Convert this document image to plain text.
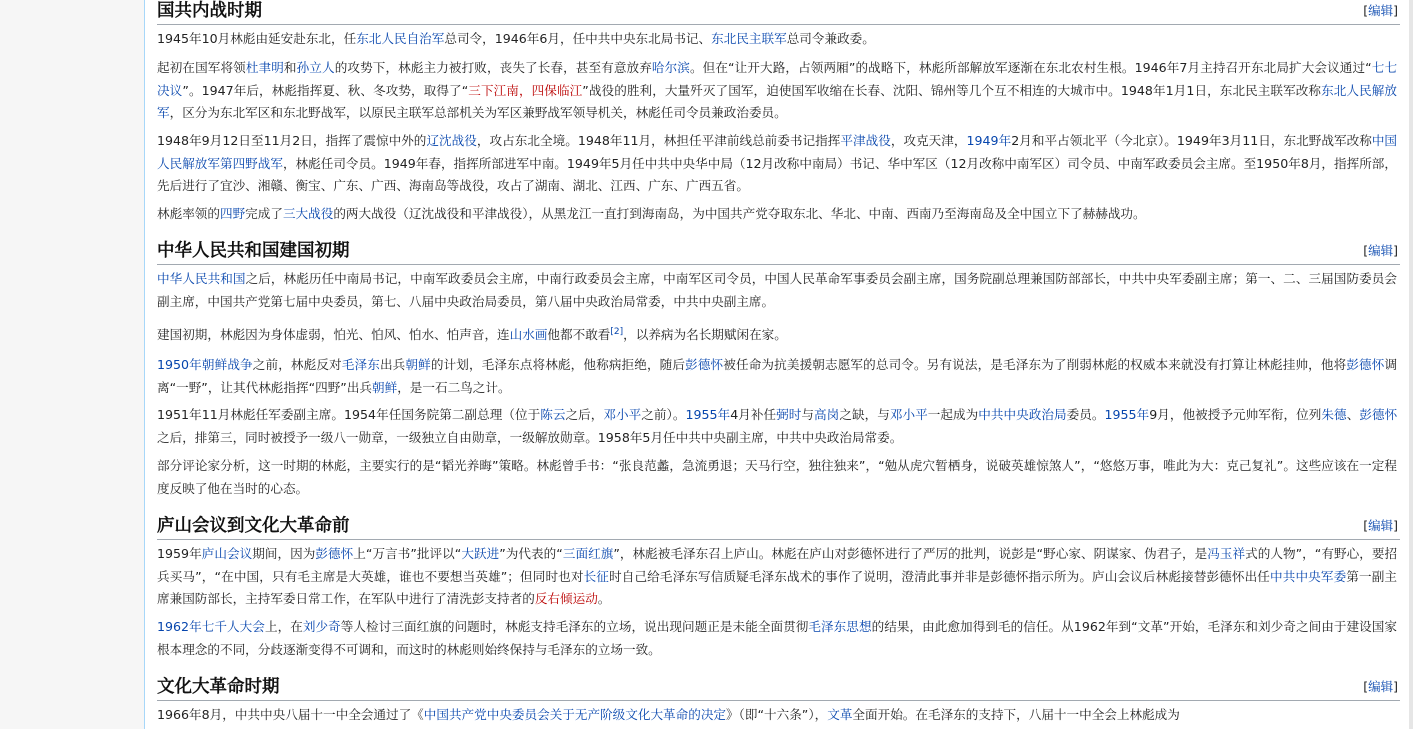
国共内战时期	[编辑]

1945年10月林彪由延安赴东北，任东北人民自治军总司令，1946年6月，任中共中央东北局书记、东北民主联军总司令兼政委。

起初在国军将领杜聿明和孙立人的攻势下，林彪主力被打败，丧失了长春，甚至有意放弃哈尔滨。但在“让开大路，占领两厢”的战略下，林彪所部解放军逐渐在东北农村生根。1946年7月主持召开东北局扩大会议通过“七七决议”。1947年后，林彪指挥夏、秋、冬攻势，取得了“三下江南，四保临江”战役的胜利，大量歼灭了国军，迫使国军收缩在长春、沈阳、锦州等几个互不相连的大城市中。1948年1月1日，东北民主联军改称东北人民解放军，区分为东北军区和东北野战军，以原民主联军总部机关为军区兼野战军领导机关，林彪任司令员兼政治委员。

1948年9月12日至11月2日，指挥了震惊中外的辽沈战役，攻占东北全境。1948年11月，林担任平津前线总前委书记指挥平津战役，攻克天津，1949年2月和平占领北平（今北京）。1949年3月11日，东北野战军改称中国人民解放军第四野战军，林彪任司令员。1949年春，指挥所部进军中南。1949年5月任中共中央华中局（12月改称中南局）书记、华中军区（12月改称中南军区）司令员、中南军政委员会主席。至1950年8月，指挥所部，先后进行了宜沙、湘赣、衡宝、广东、广西、海南岛等战役，攻占了湖南、湖北、江西、广东、广西五省。

林彪率领的四野完成了三大战役的两大战役（辽沈战役和平津战役），从黑龙江一直打到海南岛，为中国共产党夺取东北、华北、中南、西南乃至海南岛及全中国立下了赫赫战功。

中华人民共和国建国初期	[编辑]

中华人民共和国之后，林彪历任中南局书记，中南军政委员会主席，中南行政委员会主席，中南军区司令员，中国人民革命军事委员会副主席，国务院副总理兼国防部部长，中共中央军委副主席；第一、二、三届国防委员会副主席，中国共产党第七届中央委员，第七、八届中央政治局委员，第八届中央政治局常委，中共中央副主席。

建国初期，林彪因为身体虚弱，怕光、怕风、怕水、怕声音，连山水画他都不敢看[2]，以养病为名长期赋闲在家。

1950年朝鲜战争之前，林彪反对毛泽东出兵朝鲜的计划，毛泽东点将林彪，他称病拒绝，随后彭德怀被任命为抗美援朝志愿军的总司令。另有说法，是毛泽东为了削弱林彪的权威本来就没有打算让林彪挂帅，他将彭德怀调离“一野”，让其代林彪指挥“四野”出兵朝鲜，是一石二鸟之计。

1951年11月林彪任军委副主席。1954年任国务院第二副总理（位于陈云之后，邓小平之前）。1955年4月补任弼时与高岗之缺，与邓小平一起成为中共中央政治局委员。1955年9月，他被授予元帅军衔，位列朱德、彭德怀之后，排第三，同时被授予一级八一勋章，一级独立自由勋章，一级解放勋章。1958年5月任中共中央副主席，中共中央政治局常委。

部分评论家分析，这一时期的林彪，主要实行的是“韬光养晦”策略。林彪曾手书：“张良范蠡，急流勇退；天马行空，独往独来”，“勉从虎穴暂栖身，说破英雄惊煞人”，“悠悠万事，唯此为大：克己复礼”。这些应该在一定程度反映了他在当时的心态。

庐山会议到文化大革命前	[编辑]

1959年庐山会议期间，因为彭德怀上“万言书”批评以“大跃进”为代表的“三面红旗”，林彪被毛泽东召上庐山。林彪在庐山对彭德怀进行了严厉的批判，说彭是“野心家、阴谋家、伪君子，是冯玉祥式的人物”，“有野心，要招兵买马”，“在中国，只有毛主席是大英雄，谁也不要想当英雄”；但同时也对长征时自己给毛泽东写信质疑毛泽东战术的事作了说明，澄清此事并非是彭德怀指示所为。庐山会议后林彪接替彭德怀出任中共中央军委第一副主席兼国防部长，主持军委日常工作，在军队中进行了清洗彭支持者的反右倾运动。

1962年七千人大会上，在刘少奇等人检讨三面红旗的问题时，林彪支持毛泽东的立场，说出现问题正是未能全面贯彻毛泽东思想的结果，由此愈加得到毛的信任。从1962年到“文革”开始，毛泽东和刘少奇之间由于建设国家根本理念的不同，分歧逐渐变得不可调和，而这时的林彪则始终保持与毛泽东的立场一致。

文化大革命时期	[编辑]

1966年8月，中共中央八届十一中全会通过了《中国共产党中央委员会关于无产阶级文化大革命的决定》（即“十六条”），文革全面开始。在毛泽东的支持下，八届十一中全会上林彪成为
